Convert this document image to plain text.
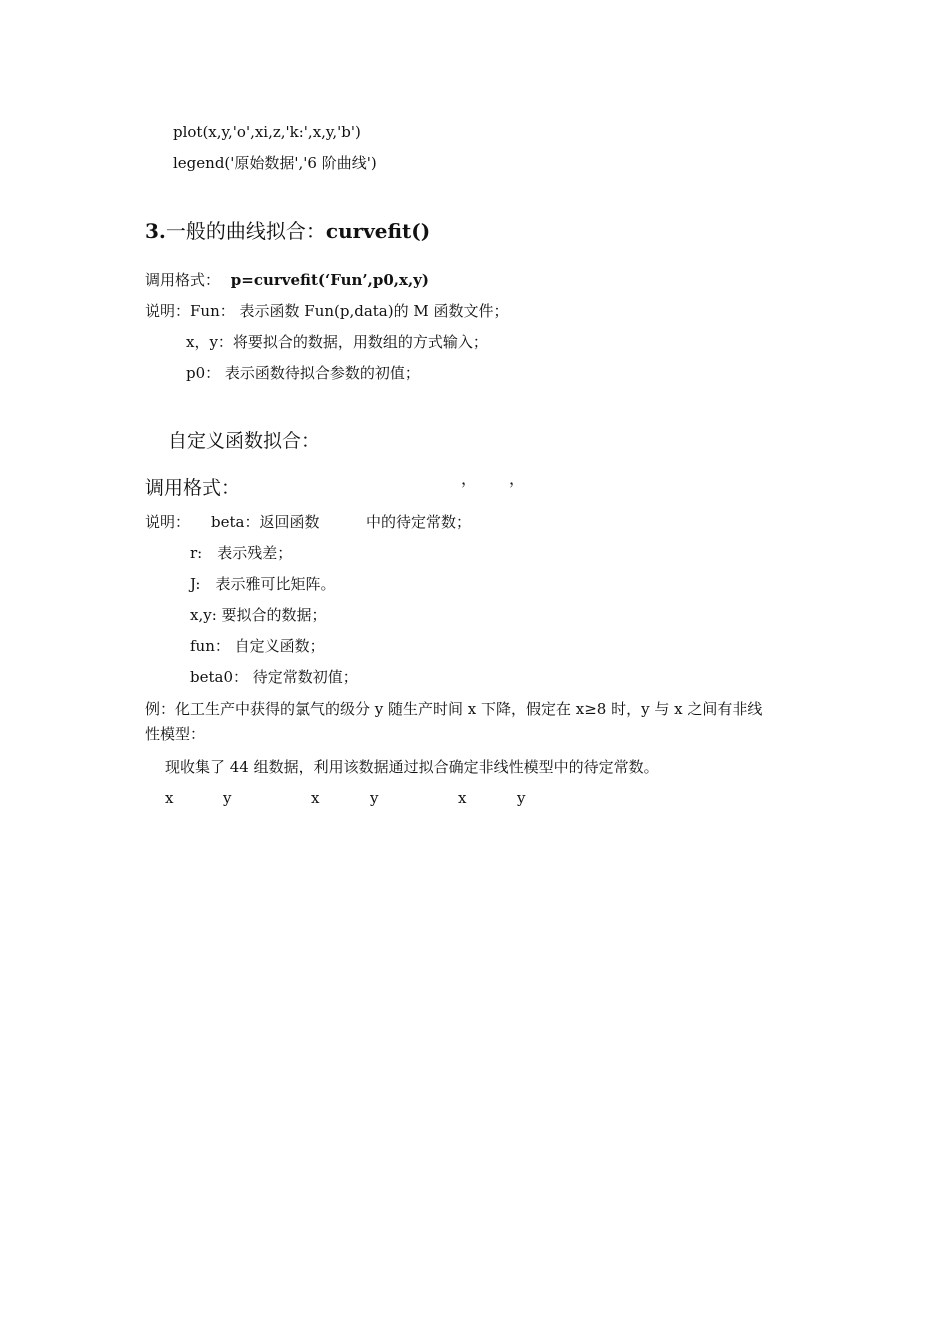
plot(x,y,'o',xi,z,'k:',x,y,'b')
legend('原始数据','6 阶曲线')
3.一般的曲线拟合：curvefit()
调用格式： p=curvefit(‘Fun’,p0,x,y)
说明：Fun： 表示函数 Fun(p,data)的 M 函数文件；
x，y：将要拟合的数据，用数组的方式输入；
p0： 表示函数待拟合参数的初值；
自定义函数拟合：
调用格式：	， ，
说明： beta：返回函数	中的待定常数；
r:　表示残差；
J:　表示雅可比矩阵。
x,y: 要拟合的数据；
fun： 自定义函数；
beta0： 待定常数初值；
例：化工生产中获得的氯气的级分 y 随生产时间 x 下降，假定在 x≥8 时，y 与 x 之间有非线
性模型：
现收集了 44 组数据，利用该数据通过拟合确定非线性模型中的待定常数。
x	y	x	y	x	y
